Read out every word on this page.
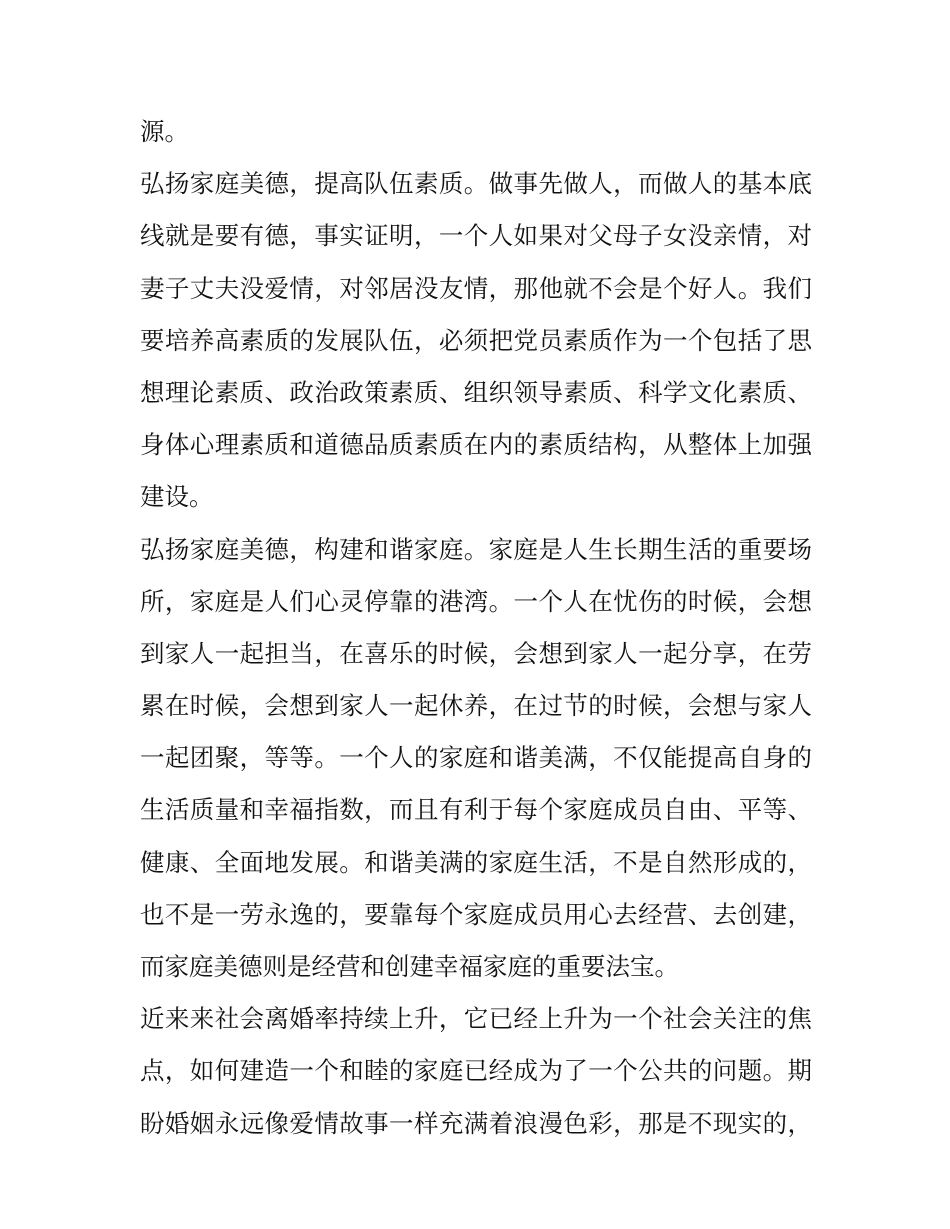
源。
弘扬家庭美德，提高队伍素质。做事先做人，而做人的基本底
线就是要有德，事实证明，一个人如果对父母子女没亲情，对
妻子丈夫没爱情，对邻居没友情，那他就不会是个好人。我们
要培养高素质的发展队伍，必须把党员素质作为一个包括了思
想理论素质、政治政策素质、组织领导素质、科学文化素质、
身体心理素质和道德品质素质在内的素质结构，从整体上加强
建设。
弘扬家庭美德，构建和谐家庭。家庭是人生长期生活的重要场
所，家庭是人们心灵停靠的港湾。一个人在忧伤的时候，会想
到家人一起担当，在喜乐的时候，会想到家人一起分享，在劳
累在时候，会想到家人一起休养，在过节的时候，会想与家人
一起团聚，等等。一个人的家庭和谐美满，不仅能提高自身的
生活质量和幸福指数，而且有利于每个家庭成员自由、平等、
健康、全面地发展。和谐美满的家庭生活，不是自然形成的，
也不是一劳永逸的，要靠每个家庭成员用心去经营、去创建，
而家庭美德则是经营和创建幸福家庭的重要法宝。
近来来社会离婚率持续上升，它已经上升为一个社会关注的焦
点，如何建造一个和睦的家庭已经成为了一个公共的问题。期
盼婚姻永远像爱情故事一样充满着浪漫色彩，那是不现实的，
